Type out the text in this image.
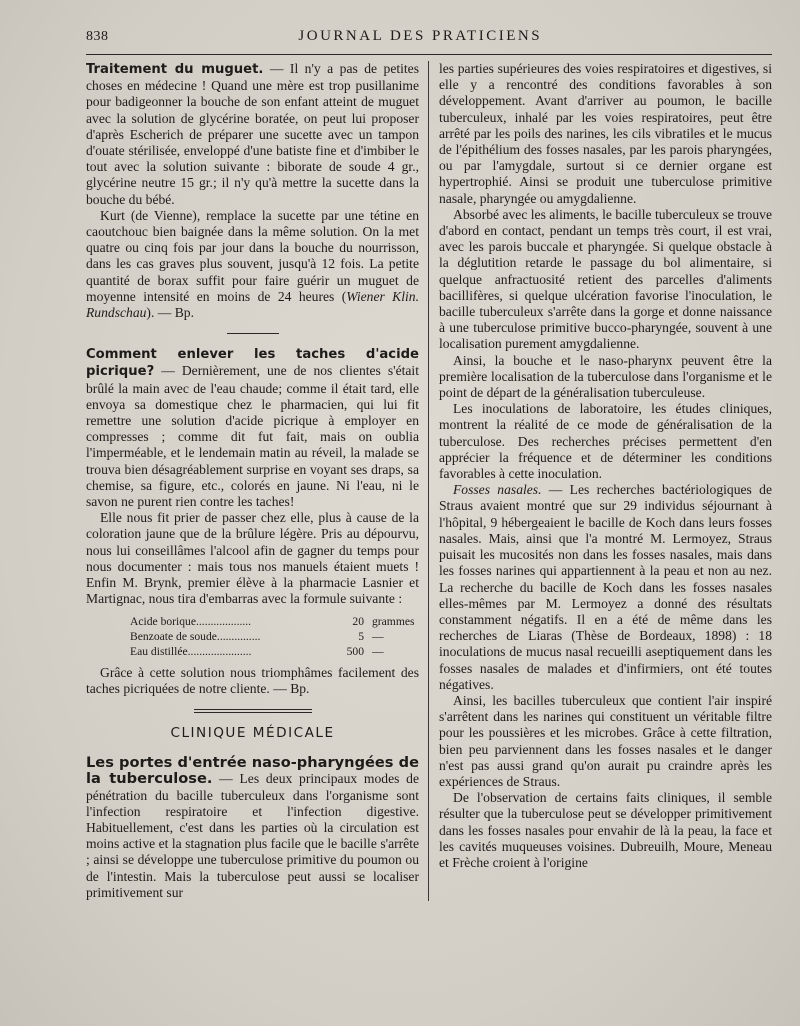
838	JOURNAL DES PRATICIENS

Traitement du muguet. — Il n'y a pas de petites choses en médecine ! Quand une mère est trop pusillanime pour badigeonner la bouche de son enfant atteint de muguet avec la solution de glycérine boratée, on peut lui proposer d'après Escherich de préparer une sucette avec un tampon d'ouate stérilisée, enveloppé d'une batiste fine et d'imbiber le tout avec la solution suivante : biborate de soude 4 gr., glycérine neutre 15 gr.; il n'y qu'à mettre la sucette dans la bouche du bébé.

Kurt (de Vienne), remplace la sucette par une tétine en caoutchouc bien baignée dans la même solution. On la met quatre ou cinq fois par jour dans la bouche du nourrisson, dans les cas graves plus souvent, jusqu'à 12 fois. La petite quantité de borax suffit pour faire guérir un muguet de moyenne intensité en moins de 24 heures (Wiener Klin. Rundschau). — Bp.

Comment enlever les taches d'acide picrique? — Dernièrement, une de nos clientes s'était brûlé la main avec de l'eau chaude; comme il était tard, elle envoya sa domestique chez le pharmacien, qui lui fit remettre une solution d'acide picrique à employer en compresses ; comme dit fut fait, mais on oublia l'imperméable, et le lendemain matin au réveil, la malade se trouva bien désagréablement surprise en voyant ses draps, sa chemise, sa figure, etc., colorés en jaune. Ni l'eau, ni le savon ne purent rien contre les taches!

Elle nous fit prier de passer chez elle, plus à cause de la coloration jaune que de la brûlure légère. Pris au dépourvu, nous lui conseillâmes l'alcool afin de gagner du temps pour nous documenter : mais tous nos manuels étaient muets ! Enfin M. Brynk, premier élève à la pharmacie Lasnier et Martignac, nous tira d'embarras avec la formule suivante :

Acide borique...................	20 grammes
Benzoate de soude...............	5 —
Eau distillée......................	500 —

Grâce à cette solution nous triomphâmes facilement des taches picriquées de notre cliente. — Bp.

CLINIQUE MÉDICALE

Les portes d'entrée naso-pharyngées de la tuberculose. — Les deux principaux modes de pénétration du bacille tuberculeux dans l'organisme sont l'infection respiratoire et l'infection digestive. Habituellement, c'est dans les parties où la circulation est moins active et la stagnation plus facile que le bacille s'arrête ; ainsi se développe une tuberculose primitive du poumon ou de l'intestin. Mais la tuberculose peut aussi se localiser primitivement sur

les parties supérieures des voies respiratoires et digestives, si elle y a rencontré des conditions favorables à son développement. Avant d'arriver au poumon, le bacille tuberculeux, inhalé par les voies respiratoires, peut être arrêté par les poils des narines, les cils vibratiles et le mucus de l'épithélium des fosses nasales, par les parois pharyngées, ou par l'amygdale, surtout si ce dernier organe est hypertrophié. Ainsi se produit une tuberculose primitive nasale, pharyngée ou amygdalienne.

Absorbé avec les aliments, le bacille tuberculeux se trouve d'abord en contact, pendant un temps très court, il est vrai, avec les parois buccale et pharyngée. Si quelque obstacle à la déglutition retarde le passage du bol alimentaire, si quelque anfractuosité retient des parcelles d'aliments bacillifères, si quelque ulcération favorise l'inoculation, le bacille tuberculeux s'arrête dans la gorge et donne naissance à une tuberculose primitive bucco-pharyngée, souvent à une localisation purement amygdalienne.

Ainsi, la bouche et le naso-pharynx peuvent être la première localisation de la tuberculose dans l'organisme et le point de départ de la généralisation tuberculeuse.

Les inoculations de laboratoire, les études cliniques, montrent la réalité de ce mode de généralisation de la tuberculose. Des recherches précises permettent d'en apprécier la fréquence et de déterminer les conditions favorables à cette inoculation.

Fosses nasales. — Les recherches bactériologiques de Straus avaient montré que sur 29 individus séjournant à l'hôpital, 9 hébergeaient le bacille de Koch dans leurs fosses nasales. Mais, ainsi que l'a montré M. Lermoyez, Straus puisait les mucosités non dans les fosses nasales, mais dans les fosses narines qui appartiennent à la peau et non au nez. La recherche du bacille de Koch dans les fosses nasales elles-mêmes par M. Lermoyez a donné des résultats constamment négatifs. Il en a été de même dans les recherches de Liaras (Thèse de Bordeaux, 1898) : 18 inoculations de mucus nasal recueilli aseptiquement dans les fosses nasales de malades et d'infirmiers, ont été toutes négatives.

Ainsi, les bacilles tuberculeux que contient l'air inspiré s'arrêtent dans les narines qui constituent un véritable filtre pour les poussières et les microbes. Grâce à cette filtration, bien peu parviennent dans les fosses nasales et le danger n'est pas aussi grand qu'on aurait pu craindre après les expériences de Straus.

De l'observation de certains faits cliniques, il semble résulter que la tuberculose peut se développer primitivement dans les fosses nasales pour envahir de là la peau, la face et les cavités muqueuses voisines. Dubreuilh, Moure, Meneau et Frèche croient à l'origine
